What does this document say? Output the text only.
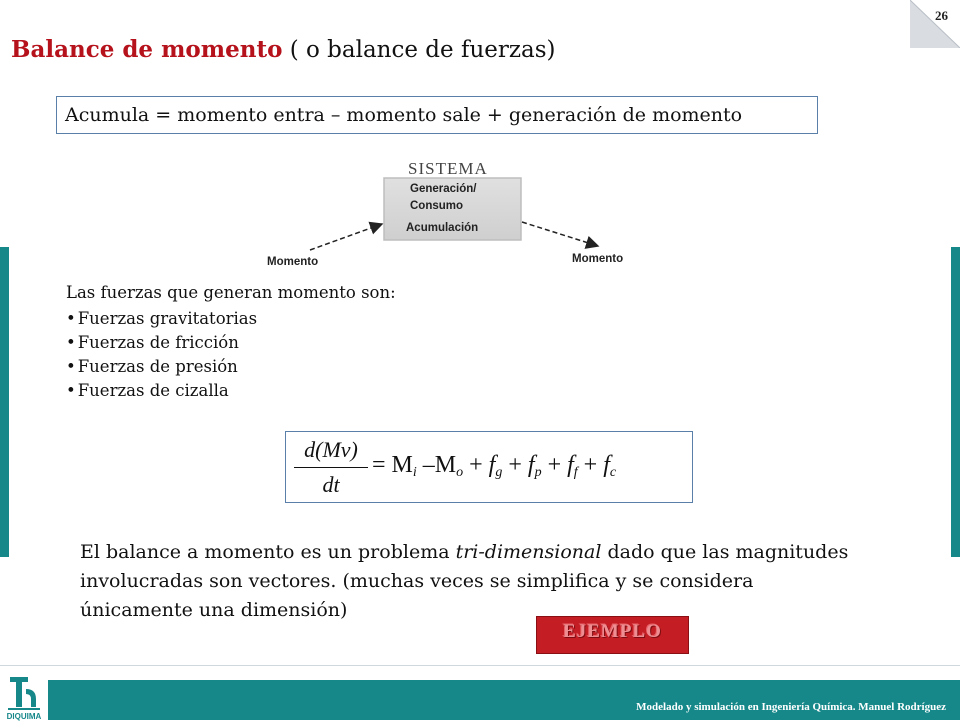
26
Balance de momento ( o balance de fuerzas)
Acumula = momento entra – momento sale + generación de momento
SISTEMA
Generación/
Consumo
Acumulación
Momento	Momento
Las fuerzas que generan momento son:
• Fuerzas gravitatorias
• Fuerzas de fricción
• Fuerzas de presión
• Fuerzas de cizalla
d(Mv)
dt
= $M_i$ $-M_o + f_g + f_p + f_f + f_c$
El balance a momento es un problema tri-dimensional dado que las magnitudes involucradas son vectores. (muchas veces se simplifica y se considera únicamente una dimensión)
EJEMPLO
DIQUIMA
Modelado y simulación en Ingeniería Química. Manuel Rodríguez
